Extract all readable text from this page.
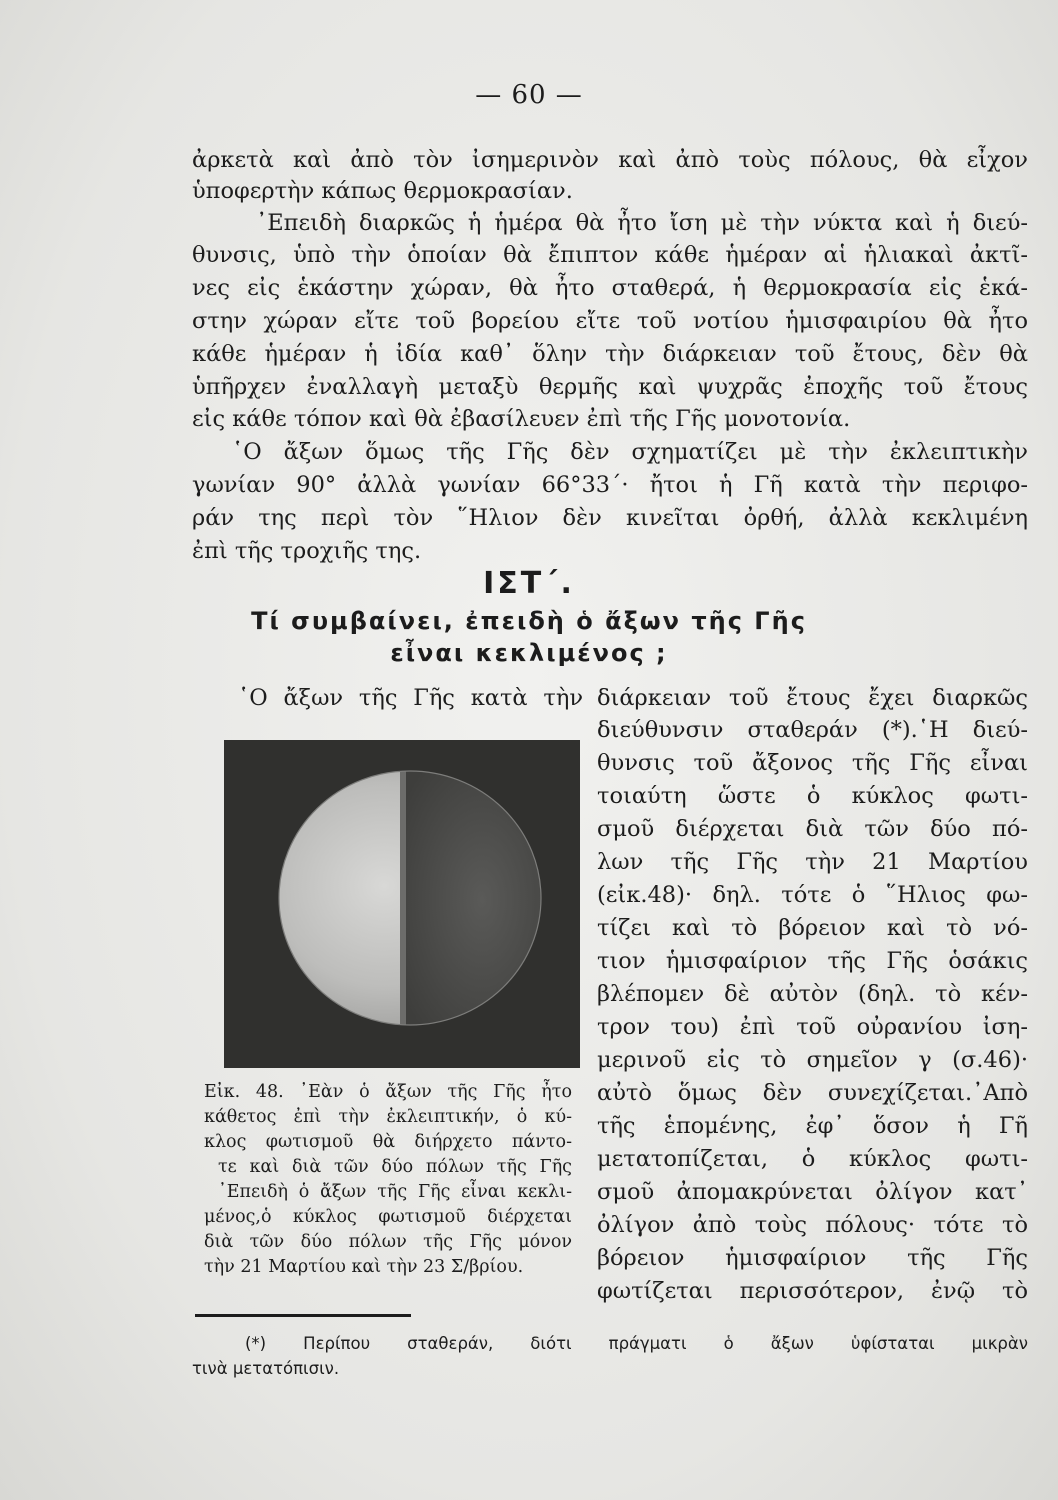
— 60 —
ἀρκετὰ καὶ ἀπὸ τὸν ἰσημερινὸν καὶ ἀπὸ τοὺς πόλους, θὰ εἶχον
ὑποφερτὴν κάπως θερμοκρασίαν.
᾿Επειδὴ διαρκῶς ἡ ἡμέρα θὰ ἦτο ἴση μὲ τὴν νύκτα καὶ ἡ διεύ-
θυνσις, ὑπὸ τὴν ὁποίαν θὰ ἔπιπτον κάθε ἡμέραν αἱ ἡλιακαὶ ἀκτῖ-
νες εἰς ἑκάστην χώραν, θὰ ἦτο σταθερά, ἡ θερμοκρασία εἰς ἑκά-
στην χώραν εἴτε τοῦ βορείου εἴτε τοῦ νοτίου ἡμισφαιρίου θὰ ἦτο
κάθε ἡμέραν ἡ ἰδία καθ᾿ ὅλην τὴν διάρκειαν τοῦ ἔτους, δὲν θὰ
ὑπῆρχεν ἐναλλαγὴ μεταξὺ θερμῆς καὶ ψυχρᾶς ἐποχῆς τοῦ ἔτους
εἰς κάθε τόπον καὶ θὰ ἐβασίλευεν ἐπὶ τῆς Γῆς μονοτονία.
῾Ο ἄξων ὅμως τῆς Γῆς δὲν σχηματίζει μὲ τὴν ἐκλειπτικὴν
γωνίαν 90° ἀλλὰ γωνίαν 66°33΄· ἤτοι ἡ Γῆ κατὰ τὴν περιφο-
ράν της περὶ τὸν ῞Ηλιον δὲν κινεῖται ὀρθή, ἀλλὰ κεκλιμένη
ἐπὶ τῆς τροχιῆς της.
ΙΣΤ΄.
Τί συμβαίνει, ἐπειδὴ ὁ ἄξων τῆς Γῆς
εἶναι κεκλιμένος ;
῾Ο ἄξων τῆς Γῆς κατὰ τὴν διάρκειαν τοῦ ἔτους ἔχει διαρκῶς
διεύθυνσιν σταθεράν (*).῾Η διεύ-
θυνσις τοῦ ἄξονος τῆς Γῆς εἶναι
τοιαύτη ὥστε ὁ κύκλος φωτι-
σμοῦ διέρχεται διὰ τῶν δύο πό-
λων τῆς Γῆς τὴν 21 Μαρτίου
(εἰκ.48)· δηλ. τότε ὁ ῞Ηλιος φω-
τίζει καὶ τὸ βόρειον καὶ τὸ νό-
τιον ἡμισφαίριον τῆς Γῆς ὁσάκις
βλέπομεν δὲ αὐτὸν (δηλ. τὸ κέν-
τρον του) ἐπὶ τοῦ οὐρανίου ἰση-
μερινοῦ εἰς τὸ σημεῖον γ (σ.46)·
αὐτὸ ὅμως δὲν συνεχίζεται.᾿Απὸ
τῆς ἑπομένης, ἐφ᾿ ὅσον ἡ Γῆ
μετατοπίζεται, ὁ κύκλος φωτι-
σμοῦ ἀπομακρύνεται ὀλίγον κατ᾿
ὀλίγον ἀπὸ τοὺς πόλους· τότε τὸ
βόρειον ἡμισφαίριον τῆς Γῆς
φωτίζεται περισσότερον, ἐνῷ τὸ
Εἰκ. 48. ᾿Εὰν ὁ ἄξων τῆς Γῆς ἦτο
κάθετος ἐπὶ τὴν ἐκλειπτικήν, ὁ κύ-
κλος φωτισμοῦ θὰ διήρχετο πάντο-
τε καὶ διὰ τῶν δύο πόλων τῆς Γῆς
᾿Επειδὴ ὁ ἄξων τῆς Γῆς εἶναι κεκλι-
μένος,ὁ κύκλος φωτισμοῦ διέρχεται
διὰ τῶν δύο πόλων τῆς Γῆς μόνον
τὴν 21 Μαρτίου καὶ τὴν 23 Σ/βρίου.
(*) Περίπου σταθεράν, διότι πράγματι ὁ ἄξων ὑφίσταται μικρὰν
τινὰ μετατόπισιν.
